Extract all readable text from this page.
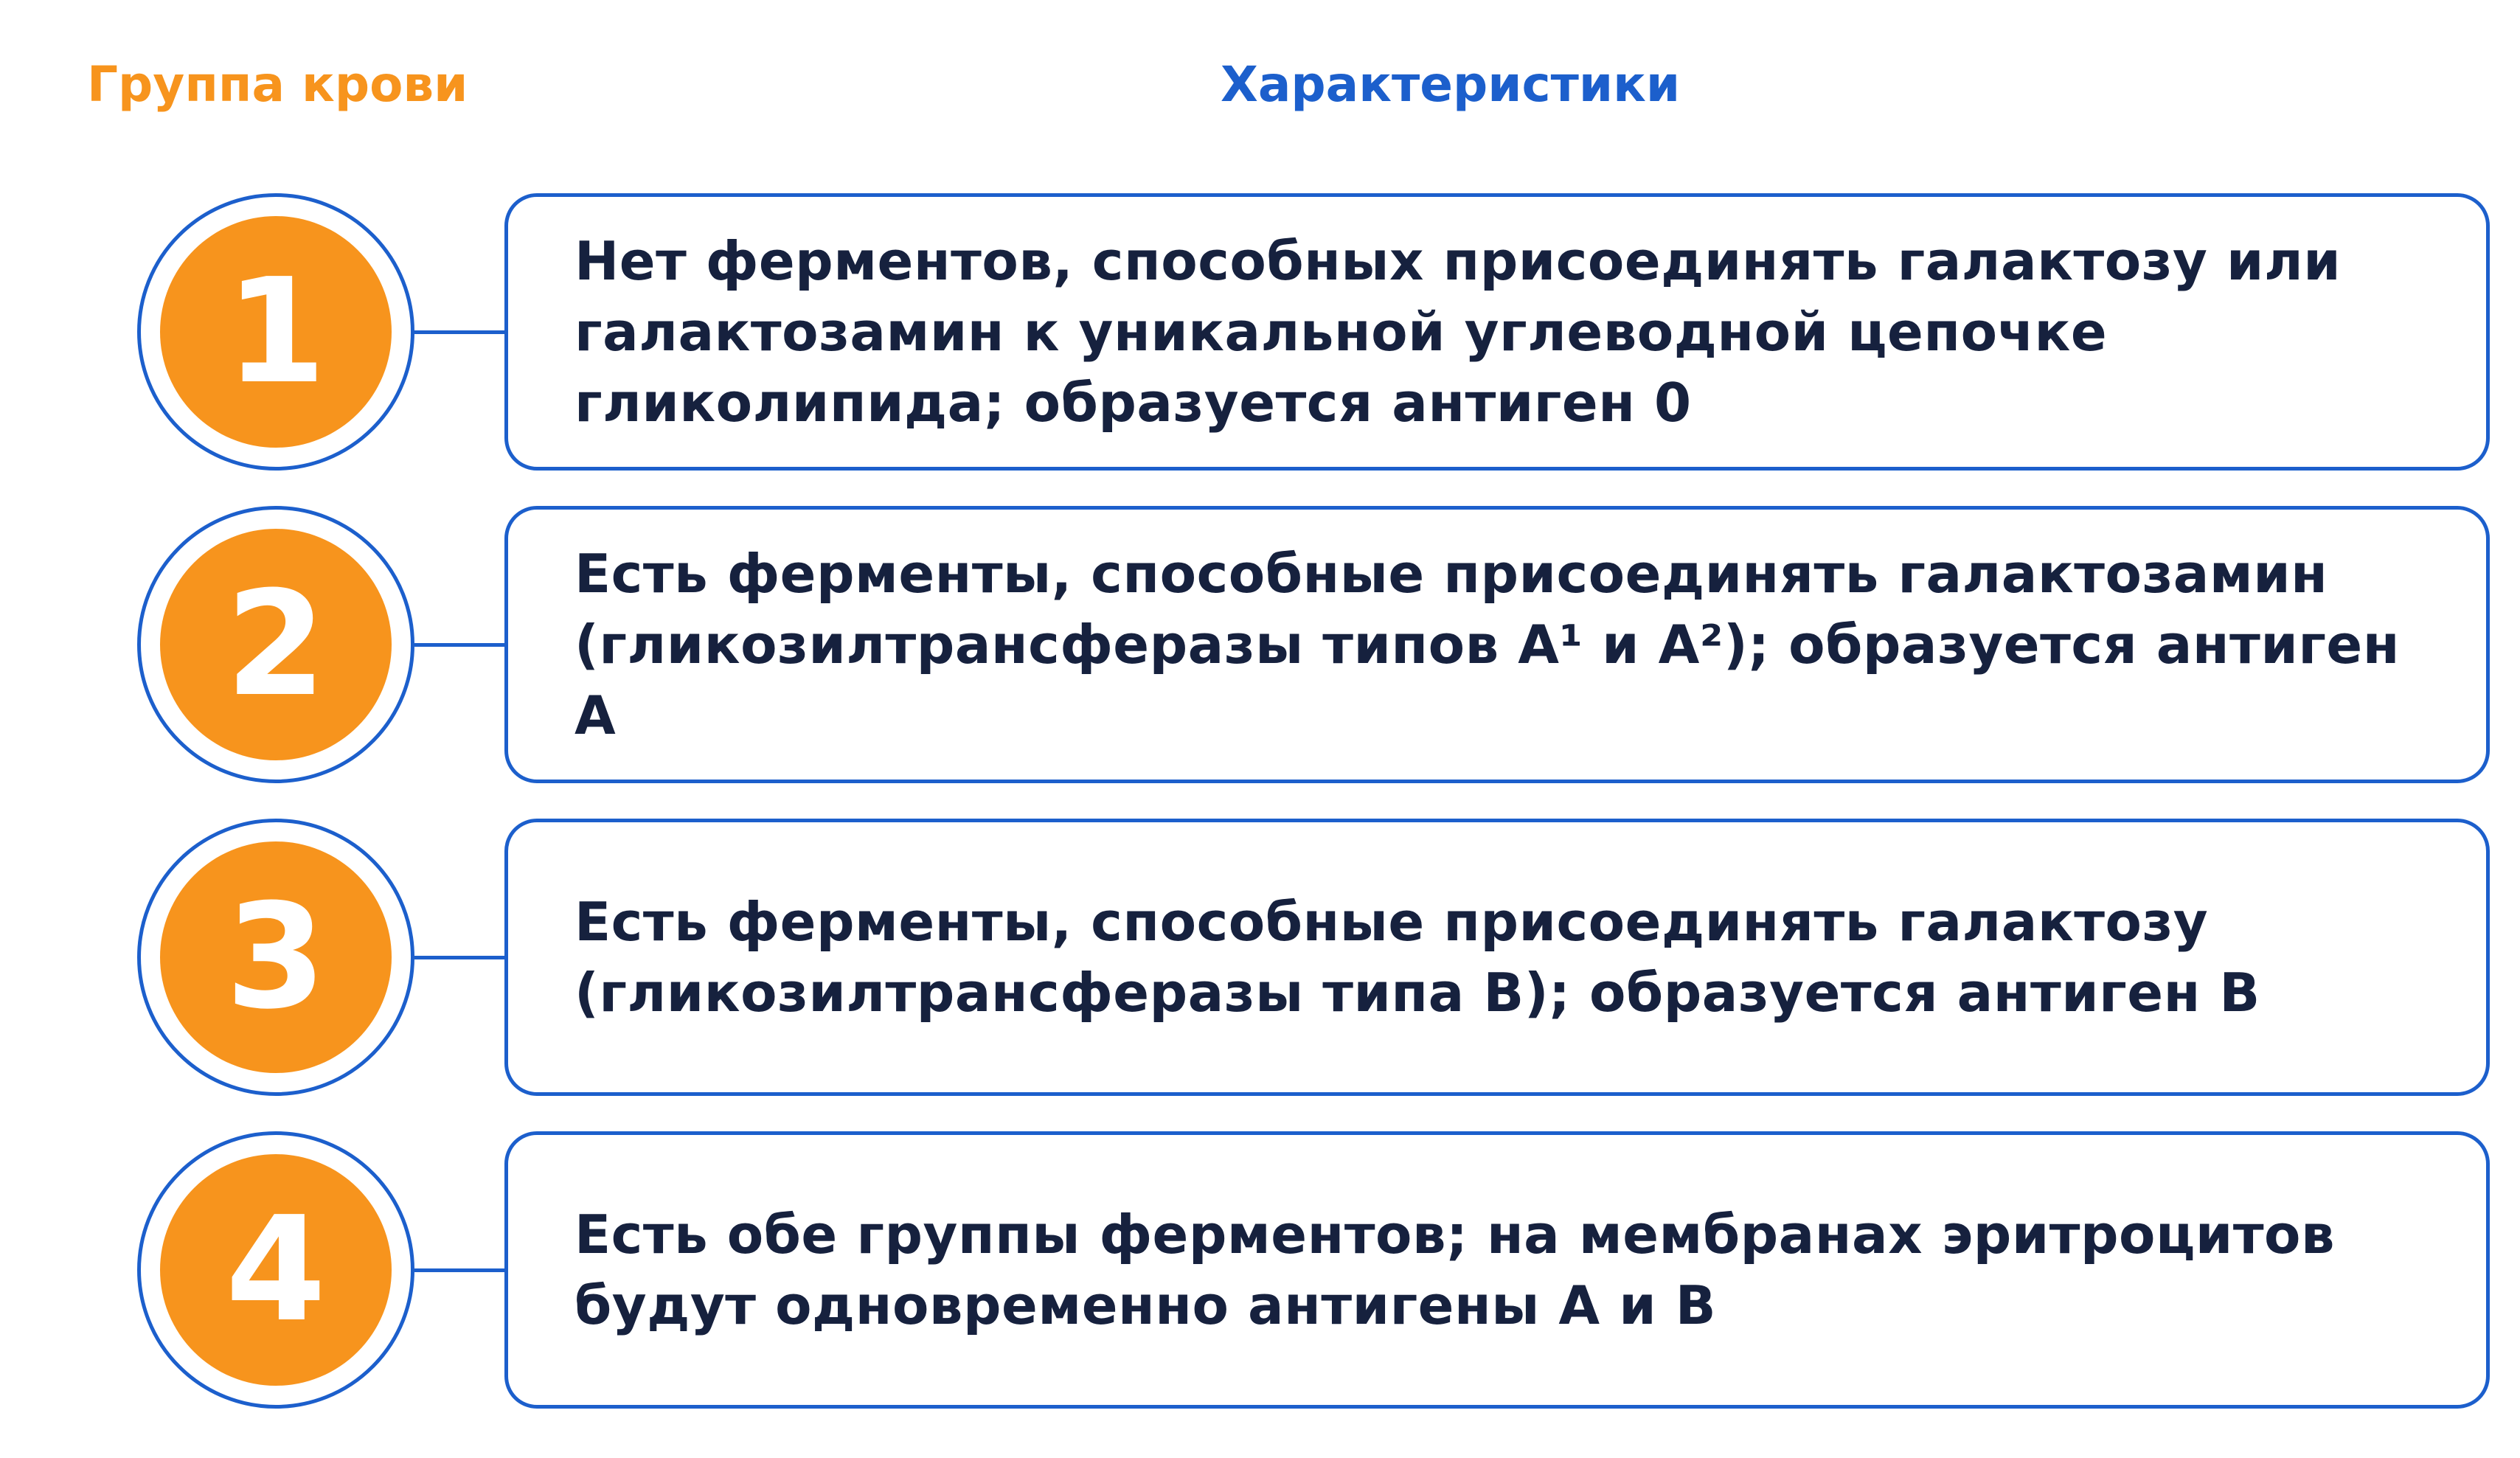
Группа крови	Характеристики
1	Нет ферментов, способных присоединять галактозу или галактозамин к уникальной углеводной цепочке гликолипида; образуется антиген 0
2	Есть ферменты, способные присоединять галактозамин (гликозилтрансферазы типов A¹ и A²); образуется антиген А
3	Есть ферменты, способные присоединять галактозу (гликозилтрансферазы типа В); образуется антиген В
4	Есть обе группы ферментов; на мембранах эритроцитов будут одновременно антигены А и В
